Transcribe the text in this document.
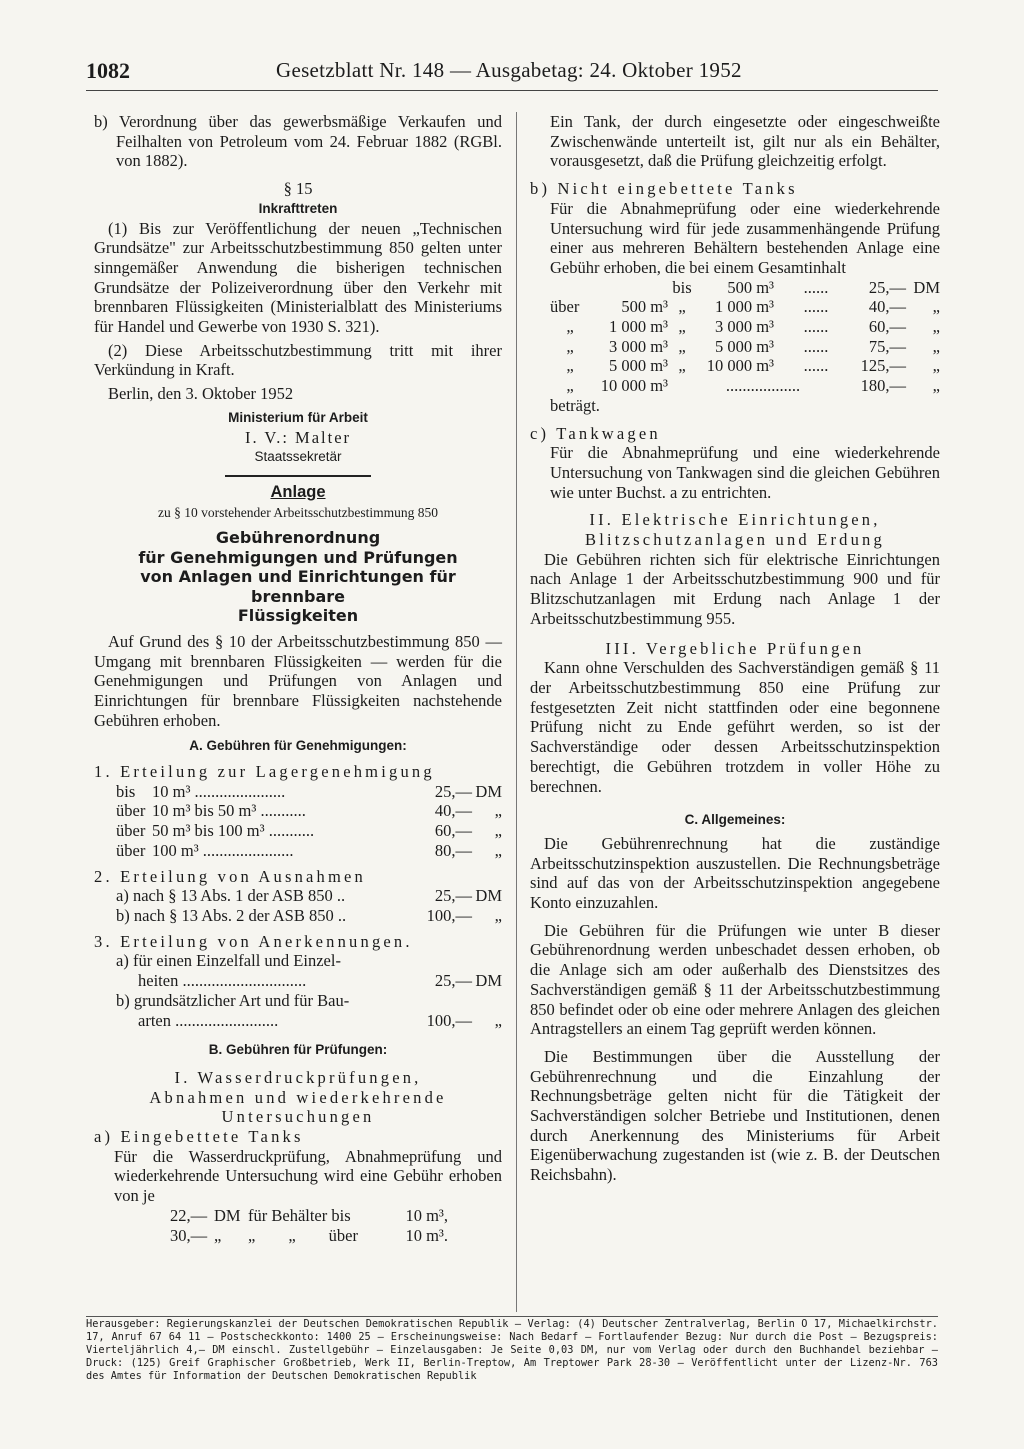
1082	Gesetzblatt Nr. 148 — Ausgabetag: 24. Oktober 1952

b) Verordnung über das gewerbsmäßige Verkaufen und Feilhalten von Petroleum vom 24. Februar 1882 (RGBl. von 1882).

§ 15

Inkrafttreten

(1) Bis zur Veröffentlichung der neuen „Technischen Grundsätze" zur Arbeitsschutzbestimmung 850 gelten unter sinngemäßer Anwendung die bisherigen technischen Grundsätze der Polizeiverordnung über den Verkehr mit brennbaren Flüssigkeiten (Ministerialblatt des Ministeriums für Handel und Gewerbe von 1930 S. 321).

(2) Diese Arbeitsschutzbestimmung tritt mit ihrer Verkündung in Kraft.

Berlin, den 3. Oktober 1952

Ministerium für Arbeit

I. V.: Malter

Staatssekretär

Anlage

zu § 10 vorstehender Arbeitsschutzbestimmung 850

Gebührenordnung

für Genehmigungen und Prüfungen

von Anlagen und Einrichtungen für brennbare

Flüssigkeiten

Auf Grund des § 10 der Arbeitsschutzbestimmung 850 — Umgang mit brennbaren Flüssigkeiten — werden für die Genehmigungen und Prüfungen von Anlagen und Einrichtungen für brennbare Flüssigkeiten nachstehende Gebühren erhoben.

A. Gebühren für Genehmigungen:

1. Erteilung zur Lagergenehmigung

bis	10 m³ ......................	25,—	DM
über	10 m³ bis 50 m³ ...........	40,—	„
über	50 m³ bis 100 m³ ...........	60,—	„
über	100 m³ ......................	80,—	„

2. Erteilung von Ausnahmen

a) nach § 13 Abs. 1 der ASB 850 ..	25,—	DM
b) nach § 13 Abs. 2 der ASB 850 ..	100,—	„

3. Erteilung von Anerkennungen.

a) für einen Einzelfall und Einzel-		
heiten ..............................	25,—	DM
b) grundsätzlicher Art und für Bau-		
arten .........................	100,—	„

B. Gebühren für Prüfungen:

I. Wasserdruckprüfungen,

Abnahmen und wiederkehrende

Untersuchungen

a) Eingebettete Tanks

Für die Wasserdruckprüfung, Abnahmeprüfung und wiederkehrende Untersuchung wird eine Gebühr erhoben von je

22,—	DM	für Behälter bis	10 m³,
30,—	„	„        „        über	10 m³.

Ein Tank, der durch eingesetzte oder eingeschweißte Zwischenwände unterteilt ist, gilt nur als ein Behälter, vorausgesetzt, daß die Prüfung gleichzeitig erfolgt.

b) Nicht eingebettete Tanks

Für die Abnahmeprüfung oder eine wiederkehrende Untersuchung wird für jede zusammenhängende Prüfung einer aus mehreren Behältern bestehenden Anlage eine Gebühr erhoben, die bei einem Gesamtinhalt

		bis	500 m³	......	25,—	DM
über	500 m³	„	1 000 m³	......	40,—	„
„	1 000 m³	„	3 000 m³	......	60,—	„
„	3 000 m³	„	5 000 m³	......	75,—	„
„	5 000 m³	„	10 000 m³	......	125,—	„
„	10 000 m³	..................			180,—	„

beträgt.

c) Tankwagen

Für die Abnahmeprüfung und eine wiederkehrende Untersuchung von Tankwagen sind die gleichen Gebühren wie unter Buchst. a zu entrichten.

II. Elektrische Einrichtungen,

Blitzschutzanlagen und Erdung

Die Gebühren richten sich für elektrische Einrichtungen nach Anlage 1 der Arbeitsschutzbestimmung 900 und für Blitzschutzanlagen mit Erdung nach Anlage 1 der Arbeitsschutzbestimmung 955.

III. Vergebliche Prüfungen

Kann ohne Verschulden des Sachverständigen gemäß § 11 der Arbeitsschutzbestimmung 850 eine Prüfung zur festgesetzten Zeit nicht stattfinden oder eine begonnene Prüfung nicht zu Ende geführt werden, so ist der Sachverständige oder dessen Arbeitsschutzinspektion berechtigt, die Gebühren trotzdem in voller Höhe zu berechnen.

C. Allgemeines:

Die Gebührenrechnung hat die zuständige Arbeitsschutzinspektion auszustellen. Die Rechnungsbeträge sind auf das von der Arbeitsschutzinspektion angegebene Konto einzuzahlen.

Die Gebühren für die Prüfungen wie unter B dieser Gebührenordnung werden unbeschadet dessen erhoben, ob die Anlage sich am oder außerhalb des Dienstsitzes des Sachverständigen gemäß § 11 der Arbeitsschutzbestimmung 850 befindet oder ob eine oder mehrere Anlagen des gleichen Antragstellers an einem Tag geprüft werden können.

Die Bestimmungen über die Ausstellung der Gebührenrechnung und die Einzahlung der Rechnungsbeträge gelten nicht für die Tätigkeit der Sachverständigen solcher Betriebe und Institutionen, denen durch Anerkennung des Ministeriums für Arbeit Eigenüberwachung zugestanden ist (wie z. B. der Deutschen Reichsbahn).

Herausgeber: Regierungskanzlei der Deutschen Demokratischen Republik — Verlag: (4) Deutscher Zentralverlag, Berlin O 17, Michaelkirchstr. 17, Anruf 67 64 11 — Postscheckkonto: 1400 25 — Erscheinungsweise: Nach Bedarf — Fortlaufender Bezug: Nur durch die Post — Bezugspreis: Vierteljährlich 4,— DM einschl. Zustellgebühr — Einzelausgaben: Je Seite 0,03 DM, nur vom Verlag oder durch den Buchhandel beziehbar — Druck: (125) Greif Graphischer Großbetrieb, Werk II, Berlin-Treptow, Am Treptower Park 28-30 — Veröffentlicht unter der Lizenz-Nr. 763 des Amtes für Information der Deutschen Demokratischen Republik
